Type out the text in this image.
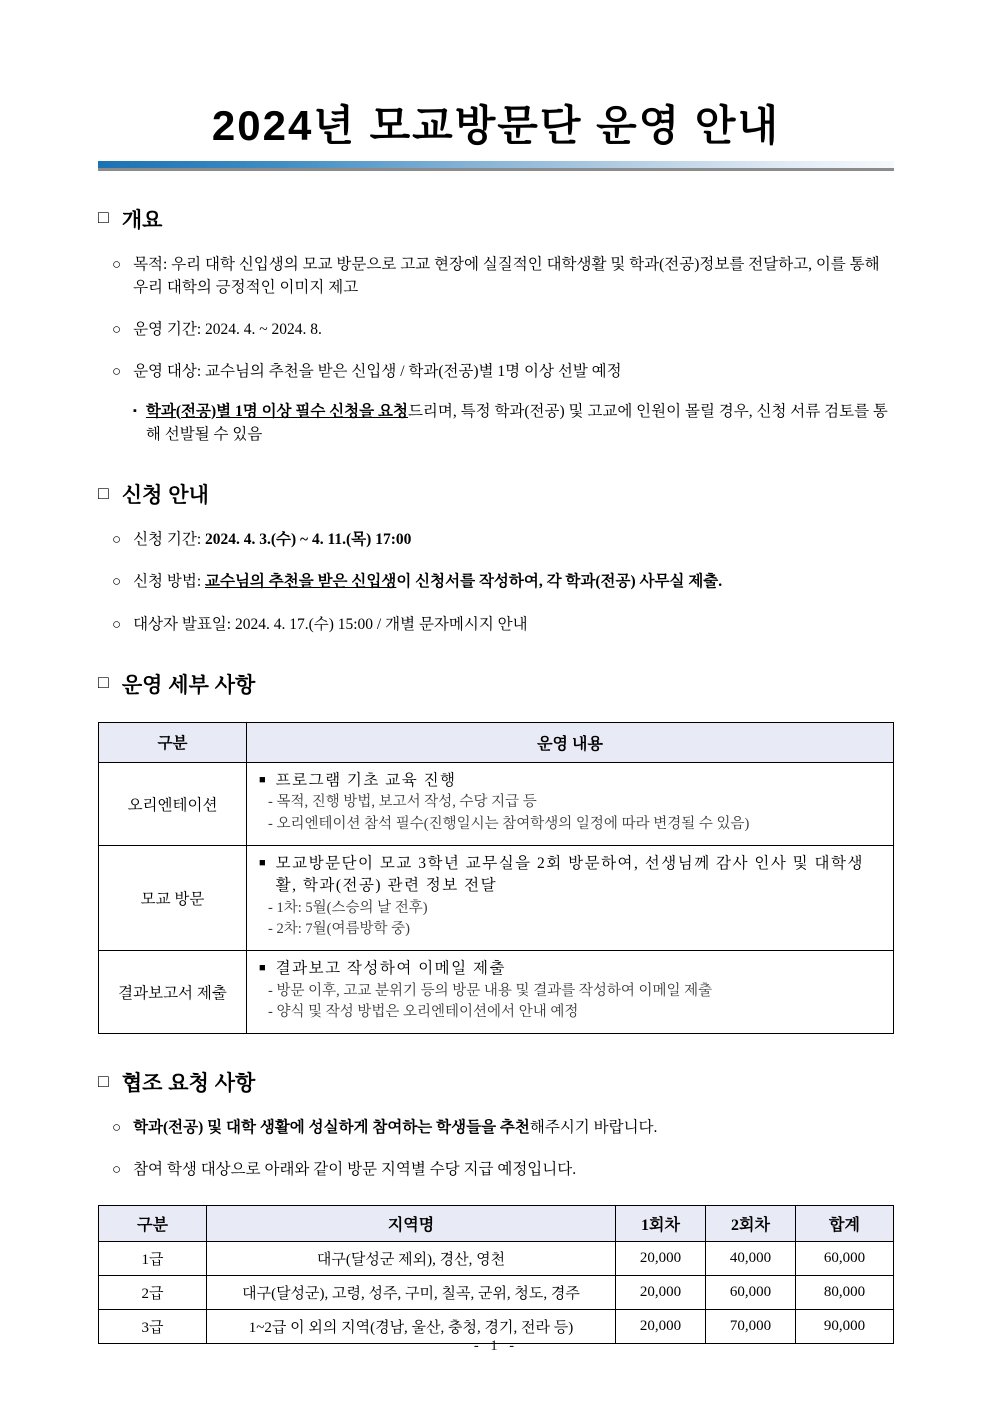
2024년 모교방문단 운영 안내
□ 개요
○ 목적: 우리 대학 신입생의 모교 방문으로 고교 현장에 실질적인 대학생활 및 학과(전공)정보를 전달하고, 이를 통해 우리 대학의 긍정적인 이미지 제고
○ 운영 기간: 2024. 4. ~ 2024. 8.
○ 운영 대상: 교수님의 추천을 받은 신입생 / 학과(전공)별 1명 이상 선발 예정
▪ 학과(전공)별 1명 이상 필수 신청을 요청드리며, 특정 학과(전공) 및 고교에 인원이 몰릴 경우, 신청 서류 검토를 통해 선발될 수 있음
□ 신청 안내
○ 신청 기간: 2024. 4. 3.(수) ~ 4. 11.(목) 17:00
○ 신청 방법: 교수님의 추천을 받은 신입생이 신청서를 작성하여, 각 학과(전공) 사무실 제출.
○ 대상자 발표일: 2024. 4. 17.(수) 15:00 / 개별 문자메시지 안내
□ 운영 세부 사항
구분	운영 내용
오리엔테이션	■ 프로그램 기초 교육 진행
- 목적, 진행 방법, 보고서 작성, 수당 지급 등
- 오리엔테이션 참석 필수(진행일시는 참여학생의 일정에 따라 변경될 수 있음)

모교 방문	■ 모교방문단이 모교 3학년 교무실을 2회 방문하여, 선생님께 감사 인사 및 대학생활, 학과(전공) 관련 정보 전달
- 1차: 5월(스승의 날 전후)
- 2차: 7월(여름방학 중)

결과보고서 제출	■ 결과보고 작성하여 이메일 제출
- 방문 이후, 고교 분위기 등의 방문 내용 및 결과를 작성하여 이메일 제출
- 양식 및 작성 방법은 오리엔테이션에서 안내 예정
□ 협조 요청 사항
○ 학과(전공) 및 대학 생활에 성실하게 참여하는 학생들을 추천해주시기 바랍니다.
○ 참여 학생 대상으로 아래와 같이 방문 지역별 수당 지급 예정입니다.
구분	지역명	1회차	2회차	합계
1급	대구(달성군 제외), 경산, 영천	20,000	40,000	60,000
2급	대구(달성군), 고령, 성주, 구미, 칠곡, 군위, 청도, 경주	20,000	60,000	80,000
3급	1~2급 이 외의 지역(경남, 울산, 충청, 경기, 전라 등)	20,000	70,000	90,000
- 1 -
